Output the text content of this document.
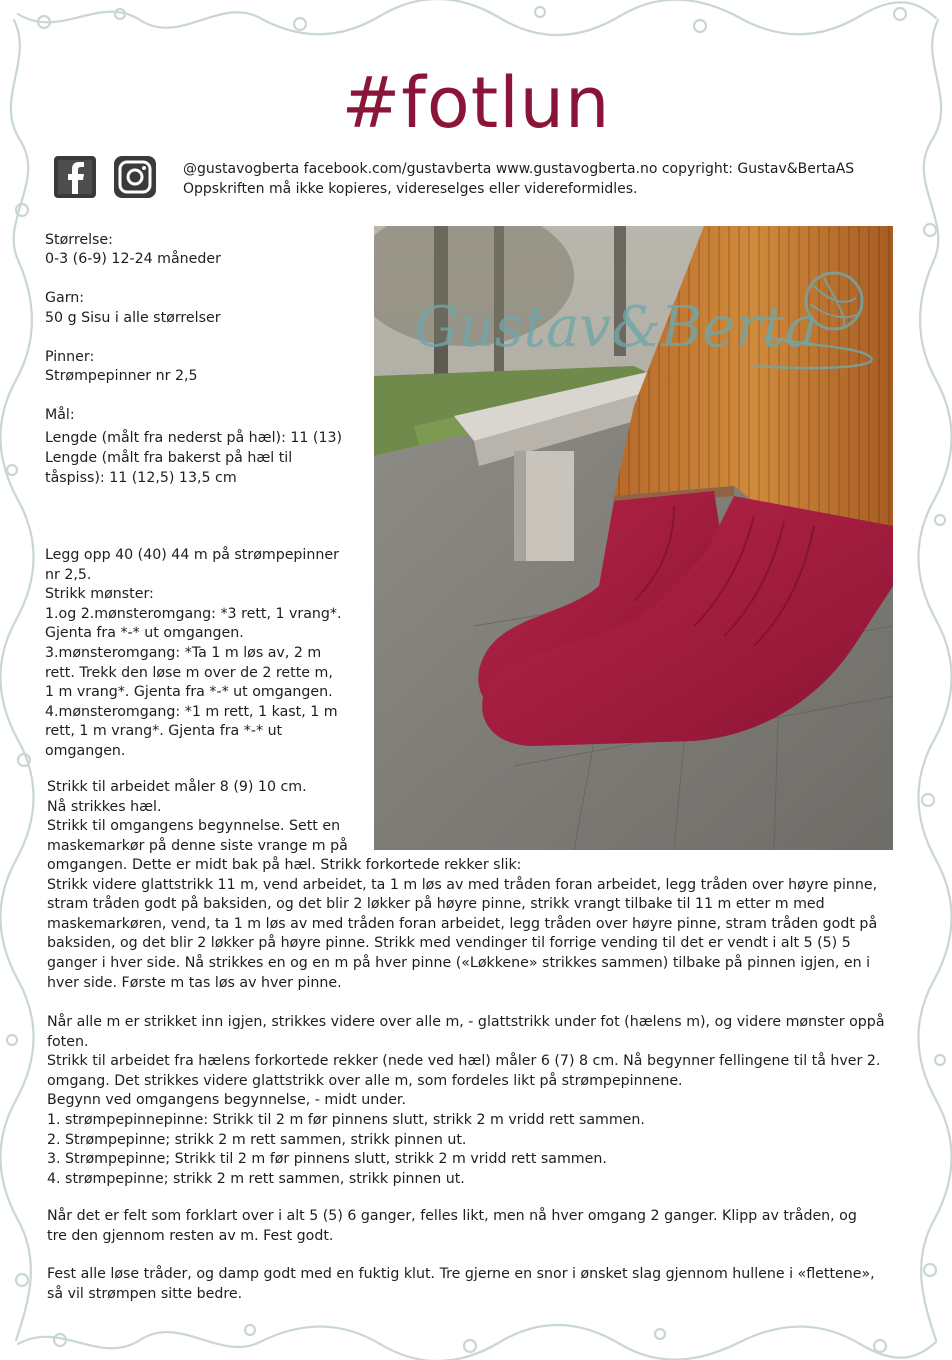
#fotlun
@gustavogberta facebook.com/gustavberta www.gustavogberta.no copyright: Gustav&BertaAS
Oppskriften må ikke kopieres, videreselges eller videreformidles.
Størrelse:
0-3 (6-9) 12-24 måneder
Garn:
50 g Sisu i alle størrelser
Pinner:
Strømpepinner nr 2,5
Mål:
Lengde (målt fra nederst på hæl): 11 (13)
Lengde (målt fra bakerst på hæl til
tåspiss): 11 (12,5) 13,5 cm
Legg opp 40 (40) 44 m på strømpepinner
nr 2,5.
Strikk mønster:
1.og 2.mønsteromgang: *3 rett, 1 vrang*.
Gjenta fra *-* ut omgangen.
3.mønsteromgang: *Ta 1 m løs av, 2 m
rett. Trekk den løse m over de 2 rette m,
1 m vrang*. Gjenta fra *-* ut omgangen.
4.mønsteromgang: *1 m rett, 1 kast, 1 m
rett, 1 m vrang*. Gjenta fra *-* ut
omgangen.
Strikk til arbeidet måler 8 (9) 10 cm.
Nå strikkes hæl.
Strikk til omgangens begynnelse. Sett en
maskemarkør på denne siste vrange m på
omgangen. Dette er midt bak på hæl. Strikk forkortede rekker slik:
Strikk videre glattstrikk 11 m, vend arbeidet, ta 1 m løs av med tråden foran arbeidet, legg tråden over høyre pinne,
stram tråden godt på baksiden, og det blir 2 løkker på høyre pinne, strikk vrangt tilbake til 11 m etter m med
maskemarkøren, vend, ta 1 m løs av med tråden foran arbeidet, legg tråden over høyre pinne, stram tråden godt på
baksiden, og det blir 2 løkker på høyre pinne. Strikk med vendinger til forrige vending til det er vendt i alt 5 (5) 5
ganger i hver side. Nå strikkes en og en m på hver pinne («Løkkene» strikkes sammen) tilbake på pinnen igjen, en i
hver side. Første m tas løs av hver pinne.
Når alle m er strikket inn igjen, strikkes videre over alle m, - glattstrikk under fot (hælens m), og videre mønster oppå
foten.
Strikk til arbeidet fra hælens forkortede rekker (nede ved hæl) måler 6 (7) 8 cm. Nå begynner fellingene til tå hver 2.
omgang. Det strikkes videre glattstrikk over alle m, som fordeles likt på strømpepinnene.
Begynn ved omgangens begynnelse, - midt under.
1. strømpepinnepinne: Strikk til 2 m før pinnens slutt, strikk 2 m vridd rett sammen.
2. Strømpepinne; strikk 2 m rett sammen, strikk pinnen ut.
3. Strømpepinne; Strikk til 2 m før pinnens slutt, strikk 2 m vridd rett sammen.
4. strømpepinne; strikk 2 m rett sammen, strikk pinnen ut.
Når det er felt som forklart over i alt 5 (5) 6 ganger, felles likt, men nå hver omgang 2 ganger. Klipp av tråden, og
tre den gjennom resten av m. Fest godt.
Fest alle løse tråder, og damp godt med en fuktig klut. Tre gjerne en snor i ønsket slag gjennom hullene i «flettene»,
så vil strømpen sitte bedre.
Gustav&Berta
